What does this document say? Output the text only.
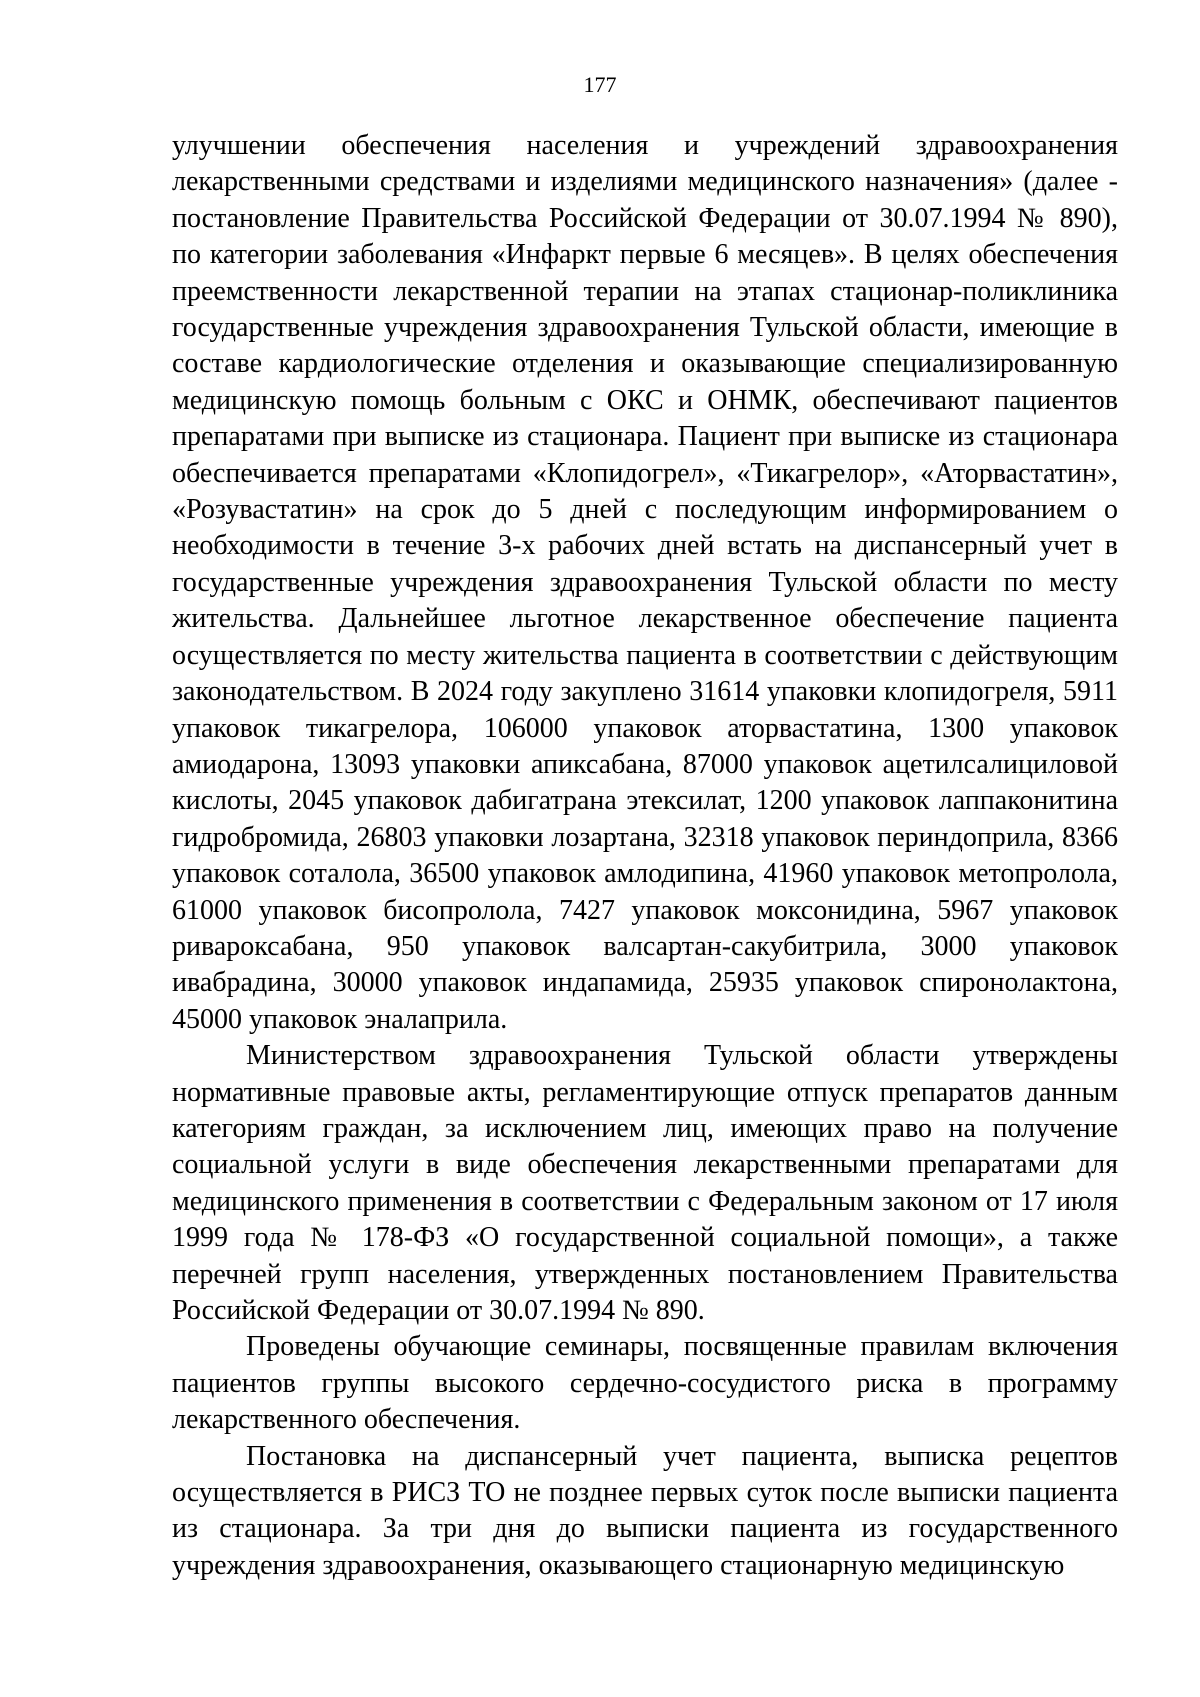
177

улучшении обеспечения населения и учреждений здравоохранения лекарственными средствами и изделиями медицинского назначения» (далее - постановление Правительства Российской Федерации от 30.07.1994 № 890), по категории заболевания «Инфаркт первые 6 месяцев». В целях обеспечения преемственности лекарственной терапии на этапах стационар-поликлиника государственные учреждения здравоохранения Тульской области, имеющие в составе кардиологические отделения и оказывающие специализированную медицинскую помощь больным с ОКС и ОНМК, обеспечивают пациентов препаратами при выписке из стационара. Пациент при выписке из стационара обеспечивается препаратами «Клопидогрел», «Тикагрелор», «Аторвастатин», «Розувастатин» на срок до 5 дней с последующим информированием о необходимости в течение 3-х рабочих дней встать на диспансерный учет в государственные учреждения здравоохранения Тульской области по месту жительства. Дальнейшее льготное лекарственное обеспечение пациента осуществляется по месту жительства пациента в соответствии с действующим законодательством. В 2024 году закуплено 31614 упаковки клопидогреля, 5911 упаковок тикагрелора, 106000 упаковок аторвастатина, 1300 упаковок амиодарона, 13093 упаковки апиксабана, 87000 упаковок ацетилсалициловой кислоты, 2045 упаковок дабигатрана этексилат, 1200 упаковок лаппаконитина гидробромида, 26803 упаковки лозартана, 32318 упаковок периндоприла, 8366 упаковок соталола, 36500 упаковок амлодипина, 41960 упаковок метопролола, 61000 упаковок бисопролола, 7427 упаковок моксонидина, 5967 упаковок ривароксабана, 950 упаковок валсартан-сакубитрила, 3000 упаковок ивабрадина, 30000 упаковок индапамида, 25935 упаковок спиронолактона, 45000 упаковок эналаприла.

Министерством здравоохранения Тульской области утверждены нормативные правовые акты, регламентирующие отпуск препаратов данным категориям граждан, за исключением лиц, имеющих право на получение социальной услуги в виде обеспечения лекарственными препаратами для медицинского применения в соответствии с Федеральным законом от 17 июля 1999 года № 178-ФЗ «О государственной социальной помощи», а также перечней групп населения, утвержденных постановлением Правительства Российской Федерации от 30.07.1994 № 890.

Проведены обучающие семинары, посвященные правилам включения пациентов группы высокого сердечно-сосудистого риска в программу лекарственного обеспечения.

Постановка на диспансерный учет пациента, выписка рецептов осуществляется в РИСЗ ТО не позднее первых суток после выписки пациента из стационара. За три дня до выписки пациента из государственного учреждения здравоохранения, оказывающего стационарную медицинскую
